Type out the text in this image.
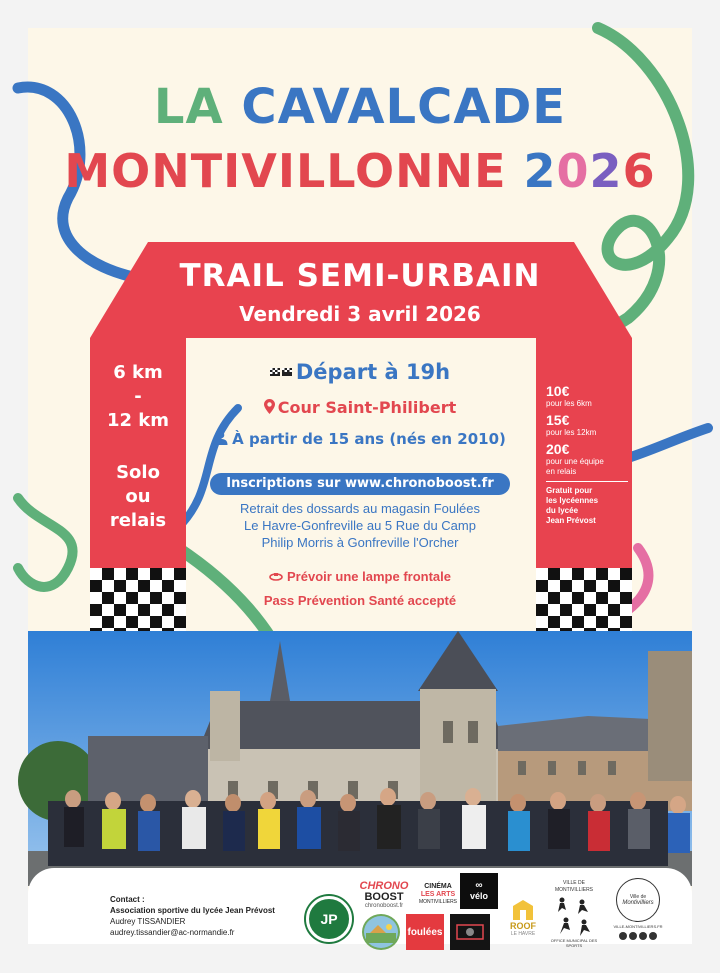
LA CAVALCADE
MONTIVILLONNE 2026
TRAIL SEMI-URBAIN
Vendredi 3 avril 2026
6 km
-
12 km
Solo
ou
relais
10€
pour les 6km
15€
pour les 12km
20€
pour une équipe
en relais
Gratuit pour
les lycéennes
du lycée
Jean Prévost
Départ à 19h
Cour Saint-Philibert
À partir de 15 ans (nés en 2010)
Inscriptions sur www.chronoboost.fr
Retrait des dossards au magasin Foulées
Le Havre-Gonfreville au 5 Rue du Camp
Philip Morris à Gonfreville l'Orcher
Prévoir une lampe frontale
Pass Prévention Santé accepté
Contact :
Association sportive du lycée Jean Prévost
Audrey TISSANDIER
audrey.tissandier@ac-normandie.fr
JP
CHRONO
BOOST
chronoboost.fr
CINÉMA
LES ARTS
MONTIVILLIERS
foulées
∞
vélo
ROOF
LE HAVRE
VILLE DE MONTIVILLIERS
OFFICE MUNICIPAL DES SPORTS
Ville de
Montivilliers
VILLE-MONTIVILLIERS.FR
